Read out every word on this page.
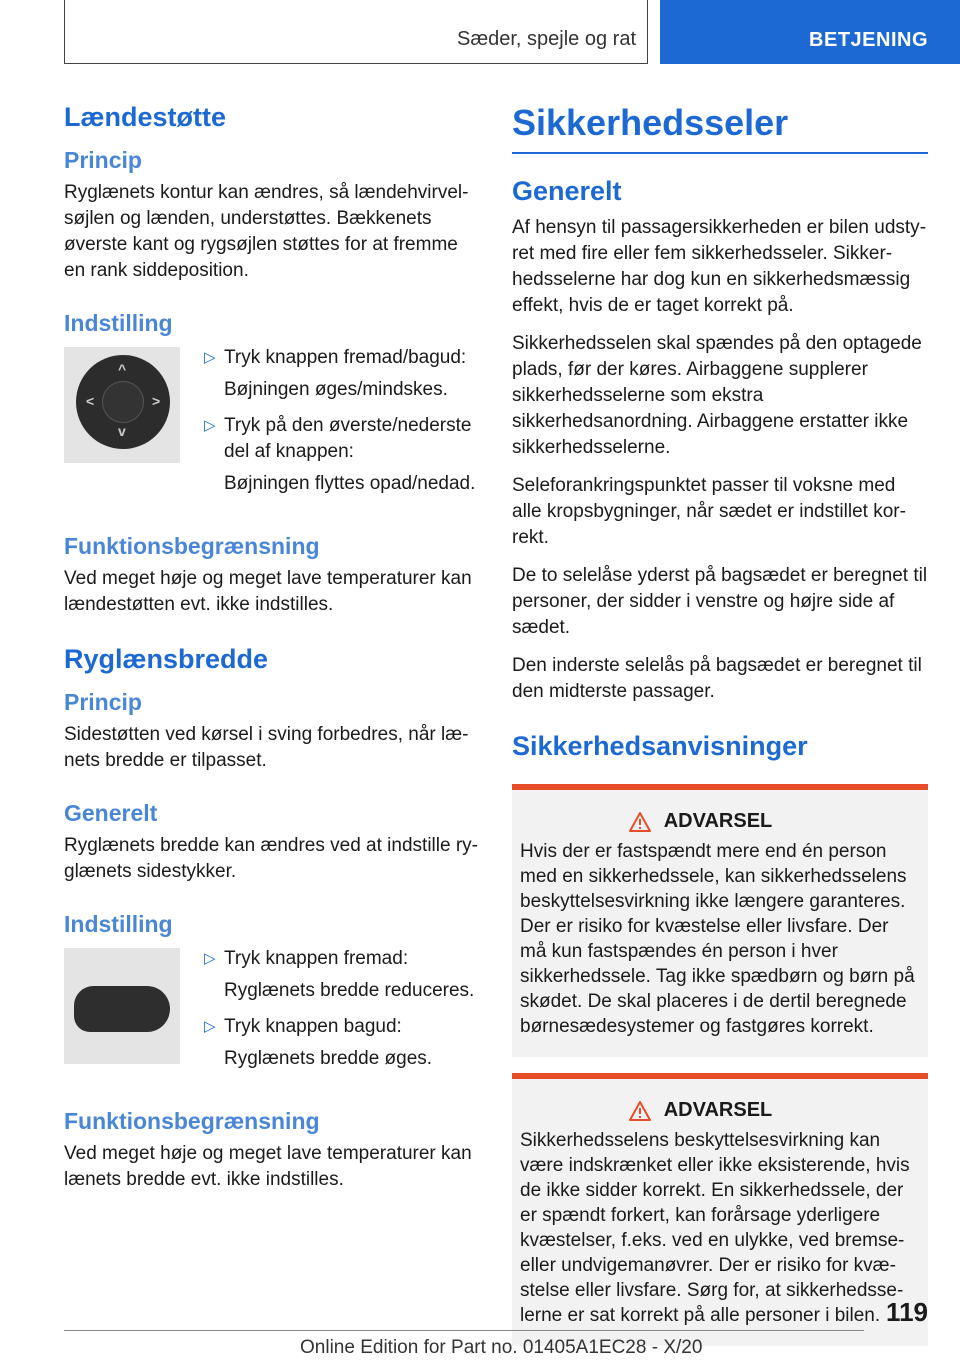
Sæder, spejle og rat	BETJENING
Lændestøtte
Princip

Ryglænets kontur kan ændres, så lændehvirvelsøjlen og lænden, understøttes. Bækkenets øverste kant og rygsøjlen støttes for at fremme en rank siddeposition.

Indstilling
^
v
<	>
▷ Tryk knappen fremad/bagud:
Bøjningen øges/mindskes.
▷ Tryk på den øverste/nederste del af knappen:
Bøjningen flyttes opad/nedad.
Funktionsbegrænsning

Ved meget høje og meget lave temperaturer kan lændestøtten evt. ikke indstilles.

Ryglænsbredde
Princip

Sidestøtten ved kørsel i sving forbedres, når lænets bredde er tilpasset.

Generelt

Ryglænets bredde kan ændres ved at indstille ryglænets sidestykker.

Indstilling
▷ Tryk knappen fremad:
Ryglænets bredde reduceres.
▷ Tryk knappen bagud:
Ryglænets bredde øges.
Funktionsbegrænsning

Ved meget høje og meget lave temperaturer kan lænets bredde evt. ikke indstilles.

Sikkerhedsseler
Generelt

Af hensyn til passagersikkerheden er bilen udstyret med fire eller fem sikkerhedsseler. Sikkerhedsselerne har dog kun en sikkerhedsmæssig effekt, hvis de er taget korrekt på.

Sikkerhedsselen skal spændes på den optagede plads, før der køres. Airbaggene supplerer sikkerhedsselerne som ekstra sikkerhedsanordning. Airbaggene erstatter ikke sikkerhedsselerne.

Seleforankringspunktet passer til voksne med alle kropsbygninger, når sædet er indstillet korrekt.

De to selelåse yderst på bagsædet er beregnet til personer, der sidder i venstre og højre side af sædet.

Den inderste selelås på bagsædet er beregnet til den midterste passager.

Sikkerhedsanvisninger
ADVARSEL

Hvis der er fastspændt mere end én person med en sikkerhedssele, kan sikkerhedsselens beskyttelsesvirkning ikke længere garanteres. Der er risiko for kvæstelse eller livsfare. Der må kun fastspændes én person i hver sikkerhedssele. Tag ikke spædbørn og børn på skødet. De skal placeres i de dertil beregnede børnesædesystemer og fastgøres korrekt.

ADVARSEL

Sikkerhedsselens beskyttelsesvirkning kan være indskrænket eller ikke eksisterende, hvis de ikke sidder korrekt. En sikkerhedssele, der er spændt forkert, kan forårsage yderligere kvæstelser, f.eks. ved en ulykke, ved bremse- eller undvigemanøvrer. Der er risiko for kvæstelse eller livsfare. Sørg for, at sikkerhedsselerne er sat korrekt på alle personer i bilen. 119
Online Edition for Part no. 01405A1EC28 - X/20
